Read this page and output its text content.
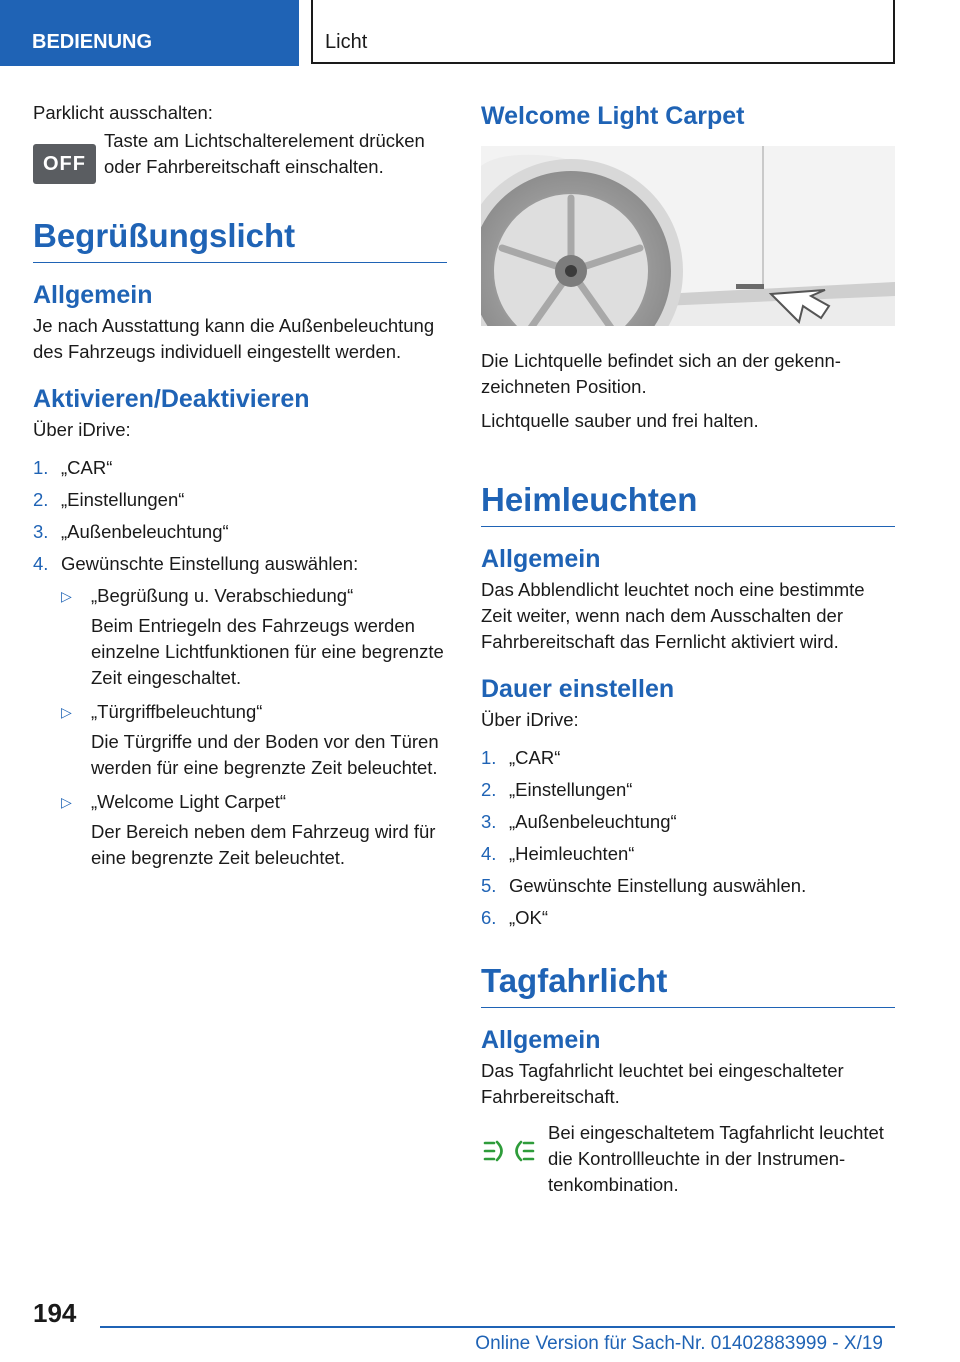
BEDIENUNG	Licht

Parklicht ausschalten:

OFF

Taste am Lichtschalterelement drücken oder Fahrbereitschaft einschalten.

Begrüßungslicht
Allgemein

Je nach Ausstattung kann die Außenbeleuchtung des Fahrzeugs individuell eingestellt werden.

Aktivieren/Deaktivieren

Über iDrive:

1. „CAR“
2. „Einstellungen“
3. „Außenbeleuchtung“
4. Gewünschte Einstellung auswählen:
▷ „Begrüßung u. Verabschiedung“
Beim Entriegeln des Fahrzeugs werden einzelne Lichtfunktionen für eine begrenzte Zeit eingeschaltet.
▷ „Türgriffbeleuchtung“
Die Türgriffe und der Boden vor den Türen werden für eine begrenzte Zeit beleuchtet.
▷ „Welcome Light Carpet“
Der Bereich neben dem Fahrzeug wird für eine begrenzte Zeit beleuchtet.
Welcome Light Carpet

Die Lichtquelle befindet sich an der gekennzeichneten Position.

Lichtquelle sauber und frei halten.

Heimleuchten
Allgemein

Das Abblendlicht leuchtet noch eine bestimmte Zeit weiter, wenn nach dem Ausschalten der Fahrbereitschaft das Fernlicht aktiviert wird.

Dauer einstellen

Über iDrive:

1. „CAR“
2. „Einstellungen“
3. „Außenbeleuchtung“
4. „Heimleuchten“
5. Gewünschte Einstellung auswählen.
6. „OK“
Tagfahrlicht
Allgemein

Das Tagfahrlicht leuchtet bei eingeschalteter Fahrbereitschaft.

Bei eingeschaltetem Tagfahrlicht leuchtet die Kontrollleuchte in der Instrumentenkombination.

194
Online Version für Sach-Nr. 01402883999 - X/19
